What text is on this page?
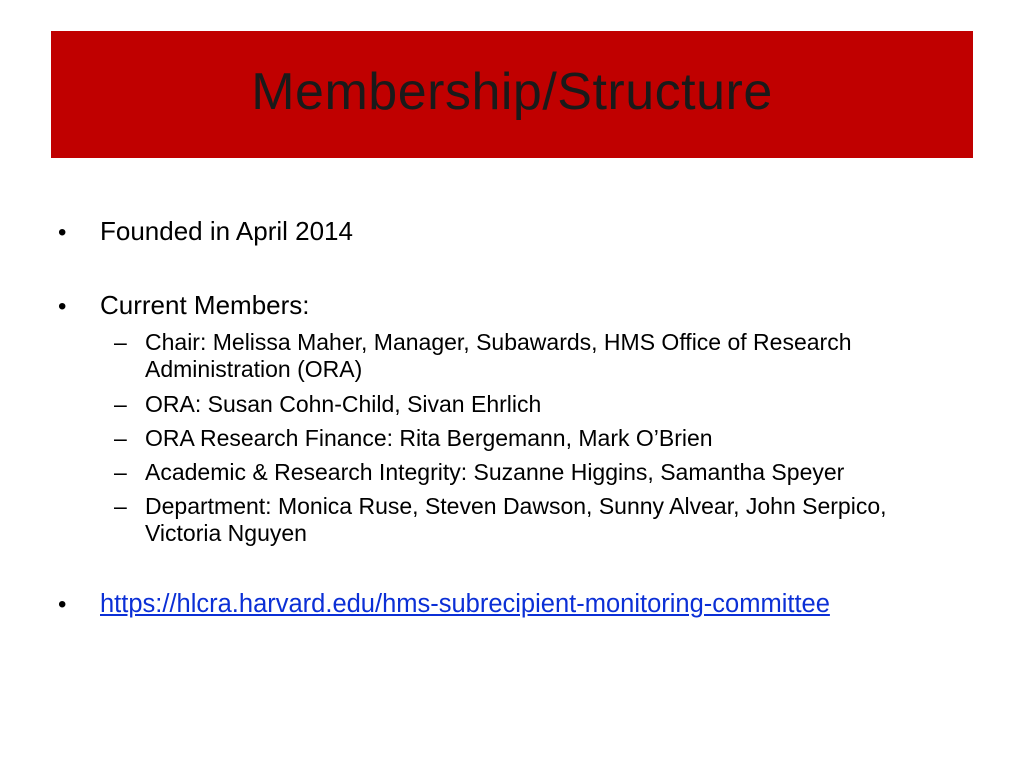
Membership/Structure
•	Founded in April 2014
•	Current Members:
– Chair: Melissa Maher, Manager, Subawards, HMS Office of Research Administration (ORA)
– ORA: Susan Cohn-Child, Sivan Ehrlich
– ORA Research Finance: Rita Bergemann, Mark O’Brien
– Academic & Research Integrity: Suzanne Higgins, Samantha Speyer
– Department: Monica Ruse, Steven Dawson, Sunny Alvear, John Serpico, Victoria Nguyen
•	https://hlcra.harvard.edu/hms-subrecipient-monitoring-committee
